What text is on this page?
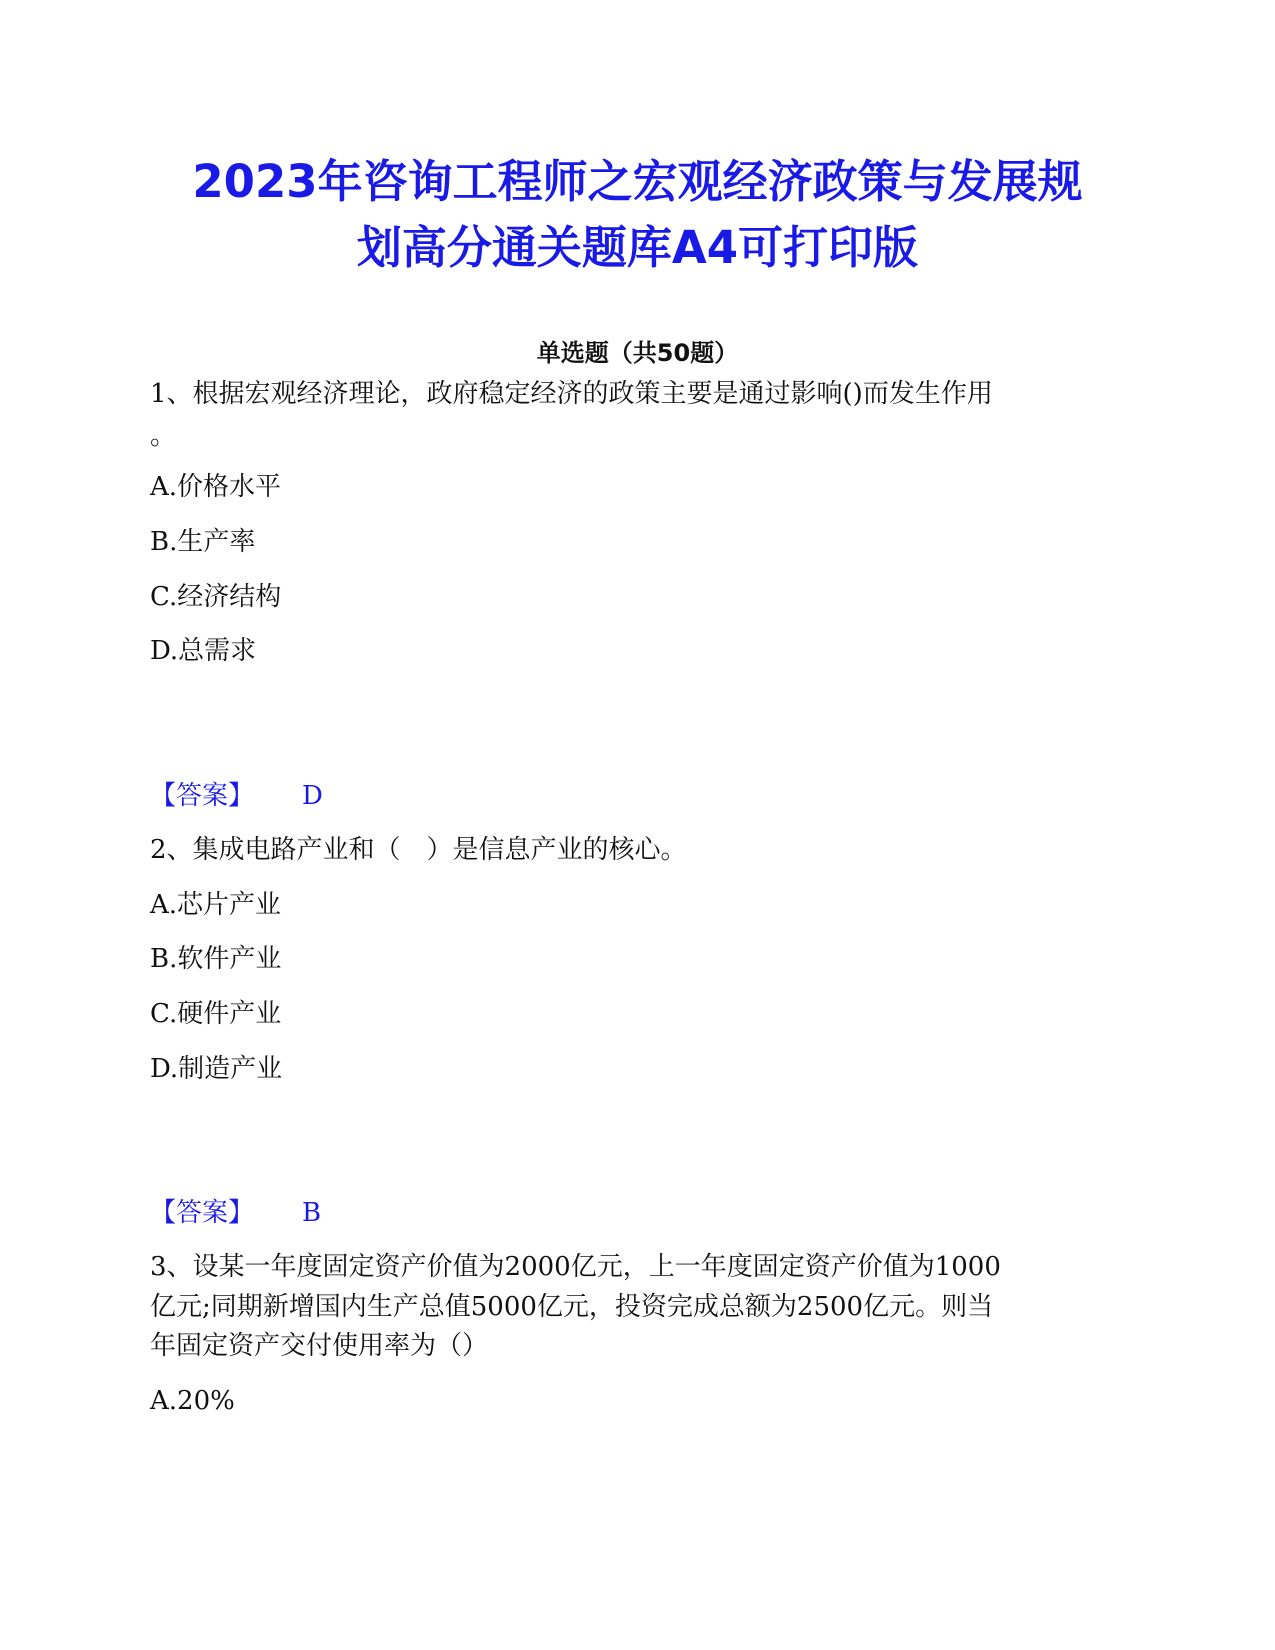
2023年咨询工程师之宏观经济政策与发展规
划高分通关题库A4可打印版
单选题（共50题）
1、根据宏观经济理论，政府稳定经济的政策主要是通过影响()而发生作用
。
A.价格水平
B.生产率
C.经济结构
D.总需求
【答案】 D
2、集成电路产业和（　）是信息产业的核心。
A.芯片产业
B.软件产业
C.硬件产业
D.制造产业
【答案】 B
3、设某一年度固定资产价值为2000亿元，上一年度固定资产价值为1000
亿元;同期新增国内生产总值5000亿元，投资完成总额为2500亿元。则当
年固定资产交付使用率为（）
A.20%
